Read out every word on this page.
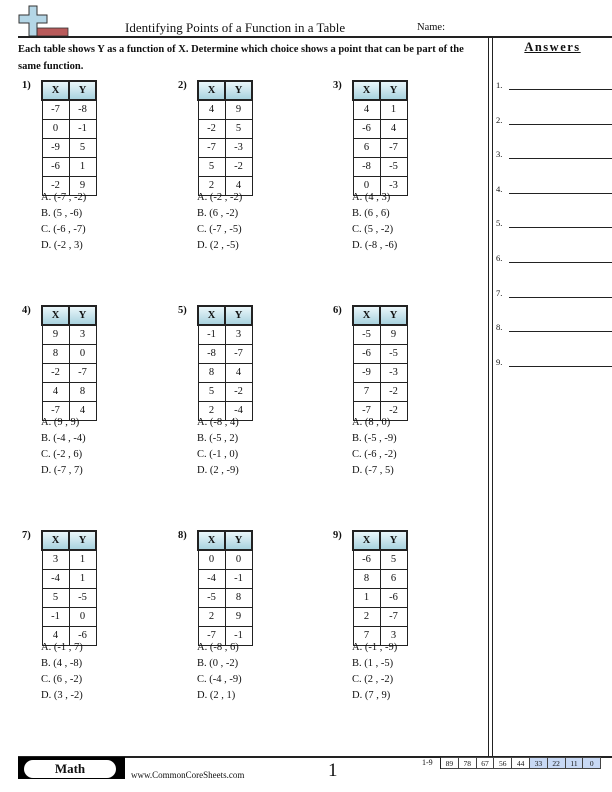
Identifying Points of a Function in a Table	Name:
Each table shows Y as a function of X. Determine which choice shows a point that can be part of the same function.
Answers
1.
2.
3.
4.
5.
6.
7.
8.
9.
1) X	Y
-7	-8
0	-1
-9	5
-6	1
-2	9
A. (-7 , -2)
B. (5 , -6)
C. (-6 , -7)
D. (-2 , 3)
2) X	Y
4	9
-2	5
-7	-3
5	-2
2	4
A. (-2 , -2)
B. (6 , -2)
C. (-7 , -5)
D. (2 , -5)
3) X	Y
4	1
-6	4
6	-7
-8	-5
0	-3
A. (4 , 3)
B. (6 , 6)
C. (5 , -2)
D. (-8 , -6)
4) X	Y
9	3
8	0
-2	-7
4	8
-7	4
A. (9 , 9)
B. (-4 , -4)
C. (-2 , 6)
D. (-7 , 7)
5) X	Y
-1	3
-8	-7
8	4
5	-2
2	-4
A. (-8 , 4)
B. (-5 , 2)
C. (-1 , 0)
D. (2 , -9)
6) X	Y
-5	9
-6	-5
-9	-3
7	-2
-7	-2
A. (8 , 0)
B. (-5 , -9)
C. (-6 , -2)
D. (-7 , 5)
7) X	Y
3	1
-4	1
5	-5
-1	0
4	-6
A. (-1 , 7)
B. (4 , -8)
C. (6 , -2)
D. (3 , -2)
8) X	Y
0	0
-4	-1
-5	8
2	9
-7	-1
A. (-8 , 6)
B. (0 , -2)
C. (-4 , -9)
D. (2 , 1)
9) X	Y
-6	5
8	6
1	-6
2	-7
7	3
A. (-1 , -9)
B. (1 , -5)
C. (2 , -2)
D. (7 , 9)
Math	www.CommonCoreSheets.com	1	1-9	89	78	67	56	44	33	22	11	0
